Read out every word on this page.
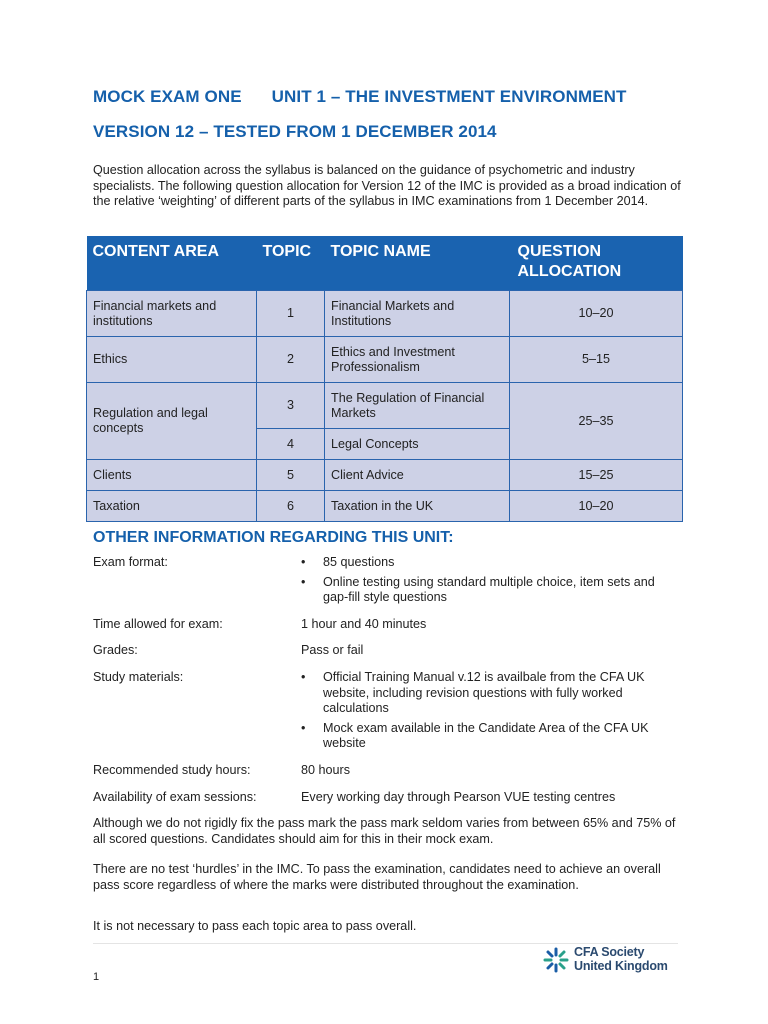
MOCK EXAM ONE UNIT 1 – THE INVESTMENT ENVIRONMENT
VERSION 12 – TESTED FROM 1 DECEMBER 2014
Question allocation across the syllabus is balanced on the guidance of psychometric and industry specialists. The following question allocation for Version 12 of the IMC is provided as a broad indication of the relative ‘weighting’ of different parts of the syllabus in IMC examinations from 1 December 2014.
CONTENT AREA	TOPIC	TOPIC NAME	QUESTION ALLOCATION
Financial markets and institutions	1	Financial Markets and Institutions	10–20
Ethics	2	Ethics and Investment Professionalism	5–15
Regulation and legal concepts	3	The Regulation of Financial Markets	25–35
	4	Legal Concepts	
Clients	5	Client Advice	15–25
Taxation	6	Taxation in the UK	10–20
OTHER INFORMATION REGARDING THIS UNIT:
Exam format:	• 85 questions
• Online testing using standard multiple choice, item sets and gap-fill style questions
Time allowed for exam:	1 hour and 40 minutes
Grades:	Pass or fail
Study materials:	• Official Training Manual v.12 is availbale from the CFA UK website, including revision questions with fully worked calculations
• Mock exam available in the Candidate Area of the CFA UK website
Recommended study hours:	80 hours
Availability of exam sessions:	Every working day through Pearson VUE testing centres
Although we do not rigidly fix the pass mark the pass mark seldom varies from between 65% and 75% of all scored questions. Candidates should aim for this in their mock exam.
There are no test ‘hurdles’ in the IMC. To pass the examination, candidates need to achieve an overall pass score regardless of where the marks were distributed throughout the examination.
It is not necessary to pass each topic area to pass overall.
1
CFA Society
United Kingdom
